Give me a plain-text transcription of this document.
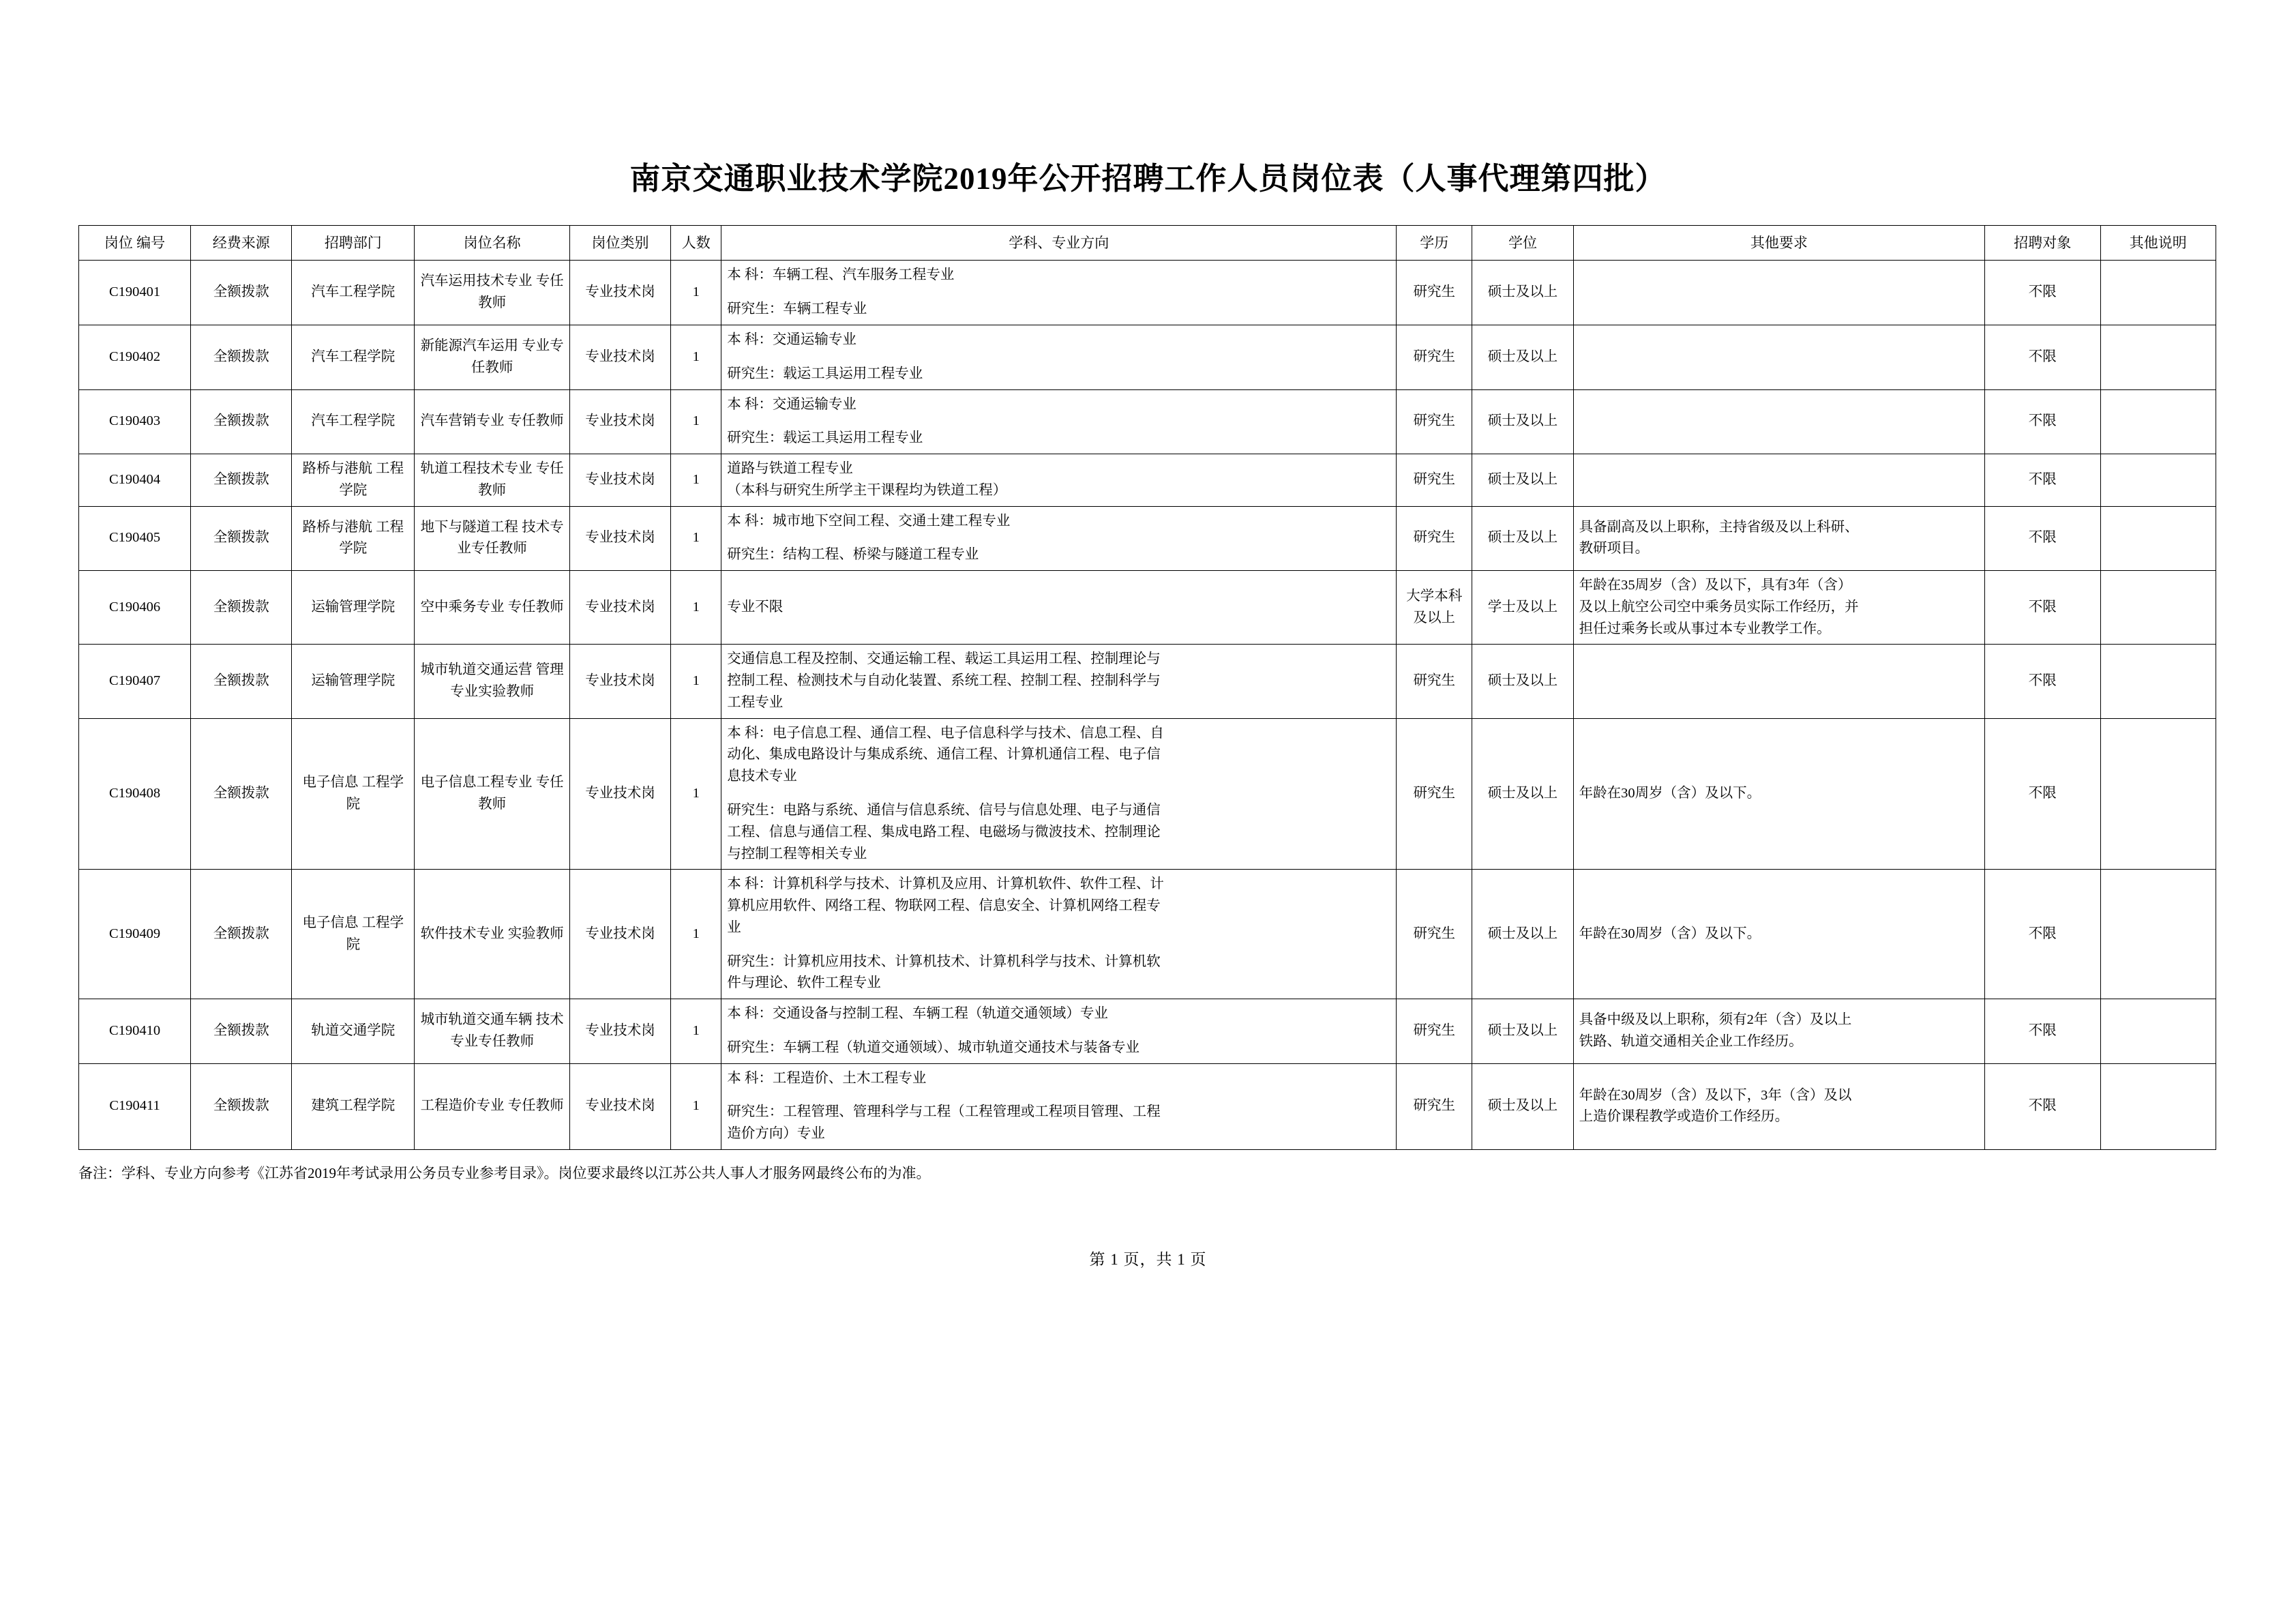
南京交通职业技术学院2019年公开招聘工作人员岗位表（人事代理第四批）
岗位 编号	经费来源	招聘部门	岗位名称	岗位类别	人数	学科、专业方向	学历	学位	其他要求	招聘对象	其他说明
C190401	全额拨款	汽车工程学院	汽车运用技术专业 专任教师	专业技术岗	1	本 科：车辆工程、汽车服务工程专业
研究生：车辆工程专业	研究生	硕士及以上		不限	
C190402	全额拨款	汽车工程学院	新能源汽车运用 专业专任教师	专业技术岗	1	本 科：交通运输专业
研究生：载运工具运用工程专业	研究生	硕士及以上		不限	
C190403	全额拨款	汽车工程学院	汽车营销专业 专任教师	专业技术岗	1	本 科：交通运输专业
研究生：载运工具运用工程专业	研究生	硕士及以上		不限	
C190404	全额拨款	路桥与港航 工程学院	轨道工程技术专业 专任教师	专业技术岗	1	道路与铁道工程专业
（本科与研究生所学主干课程均为铁道工程）	研究生	硕士及以上		不限	
C190405	全额拨款	路桥与港航 工程学院	地下与隧道工程 技术专业专任教师	专业技术岗	1	本 科：城市地下空间工程、交通土建工程专业
研究生：结构工程、桥梁与隧道工程专业	研究生	硕士及以上	具备副高及以上职称，主持省级及以上科研、
教研项目。	不限	
C190406	全额拨款	运输管理学院	空中乘务专业 专任教师	专业技术岗	1	专业不限	大学本科 及以上	学士及以上	年龄在35周岁（含）及以下，具有3年（含）
及以上航空公司空中乘务员实际工作经历，并
担任过乘务长或从事过本专业教学工作。	不限	
C190407	全额拨款	运输管理学院	城市轨道交通运营 管理专业实验教师	专业技术岗	1	交通信息工程及控制、交通运输工程、载运工具运用工程、控制理论与
控制工程、检测技术与自动化装置、系统工程、控制工程、控制科学与
工程专业	研究生	硕士及以上		不限	
C190408	全额拨款	电子信息 工程学院	电子信息工程专业 专任教师	专业技术岗	1	
本 科：电子信息工程、通信工程、电子信息科学与技术、信息工程、自
动化、集成电路设计与集成系统、通信工程、计算机通信工程、电子信
息技术专业
研究生：电路与系统、通信与信息系统、信号与信息处理、电子与通信
工程、信息与通信工程、集成电路工程、电磁场与微波技术、控制理论
与控制工程等相关专业
	研究生	硕士及以上	年龄在30周岁（含）及以下。	不限	
C190409	全额拨款	电子信息 工程学院	软件技术专业 实验教师	专业技术岗	1	本 科：计算机科学与技术、计算机及应用、计算机软件、软件工程、计
算机应用软件、网络工程、物联网工程、信息安全、计算机网络工程专
业
研究生：计算机应用技术、计算机技术、计算机科学与技术、计算机软
件与理论、软件工程专业	研究生	硕士及以上	年龄在30周岁（含）及以下。	不限	
C190410	全额拨款	轨道交通学院	城市轨道交通车辆 技术专业专任教师	专业技术岗	1	本 科：交通设备与控制工程、车辆工程（轨道交通领域）专业
研究生：车辆工程（轨道交通领域）、城市轨道交通技术与装备专业	研究生	硕士及以上	具备中级及以上职称，须有2年（含）及以上
铁路、轨道交通相关企业工作经历。	不限	
C190411	全额拨款	建筑工程学院	工程造价专业 专任教师	专业技术岗	1	本 科：工程造价、土木工程专业
研究生：工程管理、管理科学与工程（工程管理或工程项目管理、工程
造价方向）专业	研究生	硕士及以上	年龄在30周岁（含）及以下，3年（含）及以
上造价课程教学或造价工作经历。	不限	
备注：学科、专业方向参考《江苏省2019年考试录用公务员专业参考目录》。岗位要求最终以江苏公共人事人才服务网最终公布的为准。
第 1 页，共 1 页
